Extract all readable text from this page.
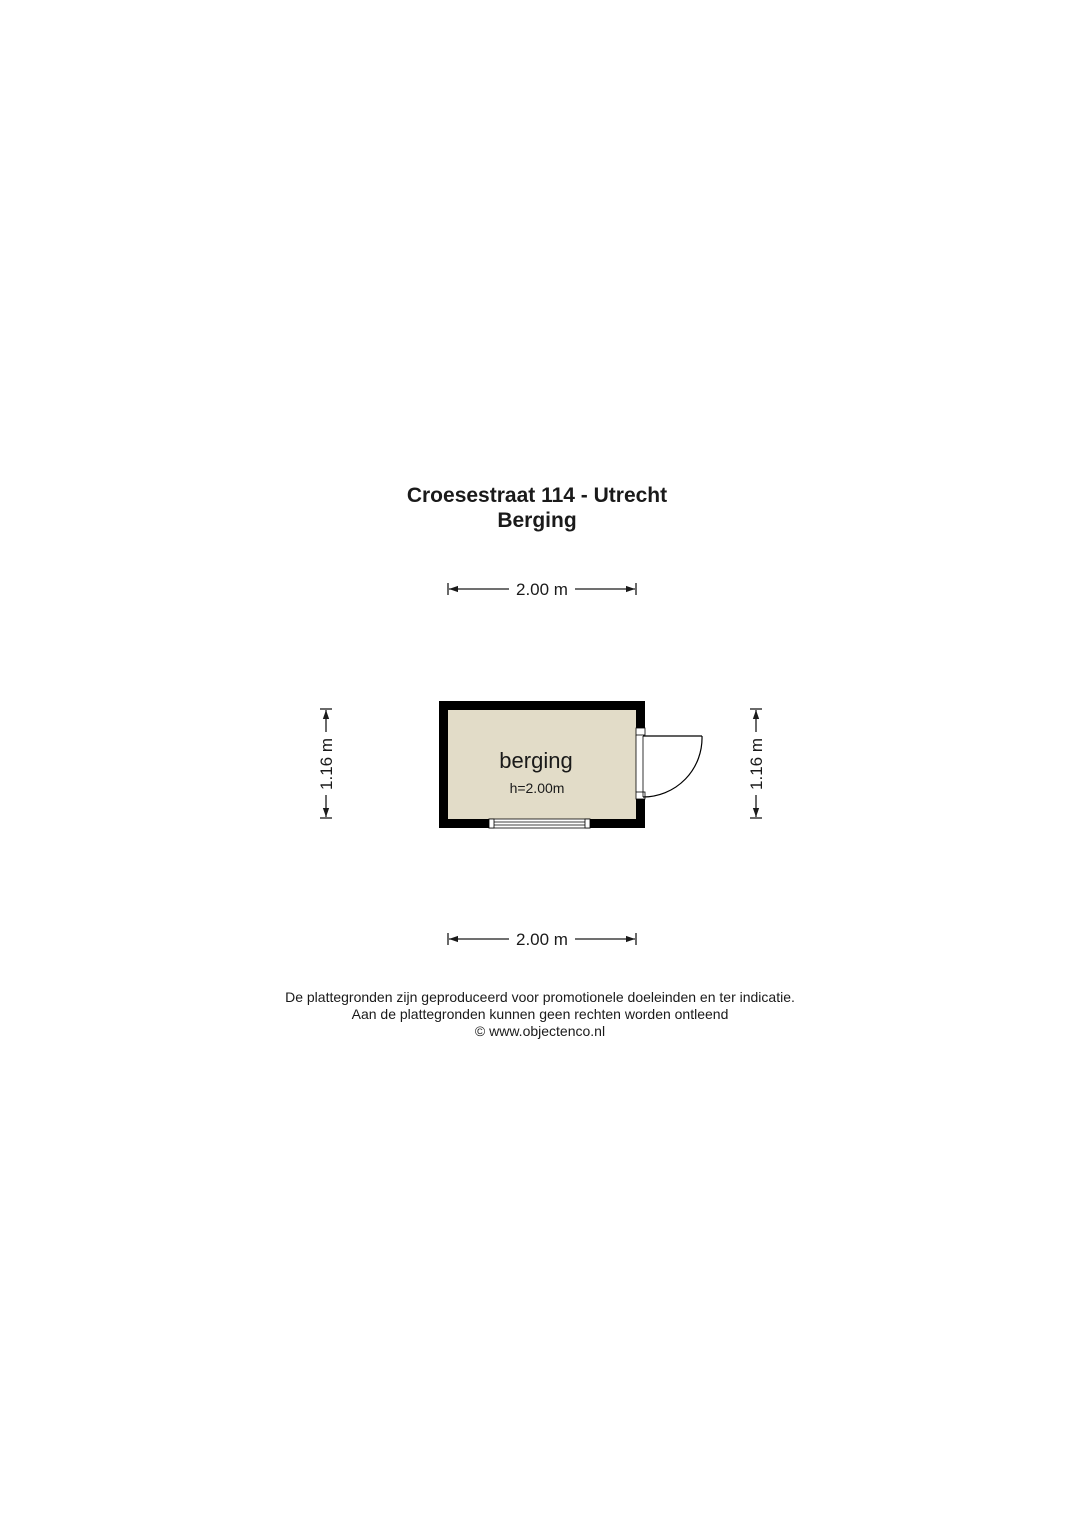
Croesestraat 114 - Utrecht
Berging
2.00 m
2.00 m
1.16 m	1.16 m
berging
h=2.00m
De plattegronden zijn geproduceerd voor promotionele doeleinden en ter indicatie.
Aan de plattegronden kunnen geen rechten worden ontleend
© www.objectenco.nl
